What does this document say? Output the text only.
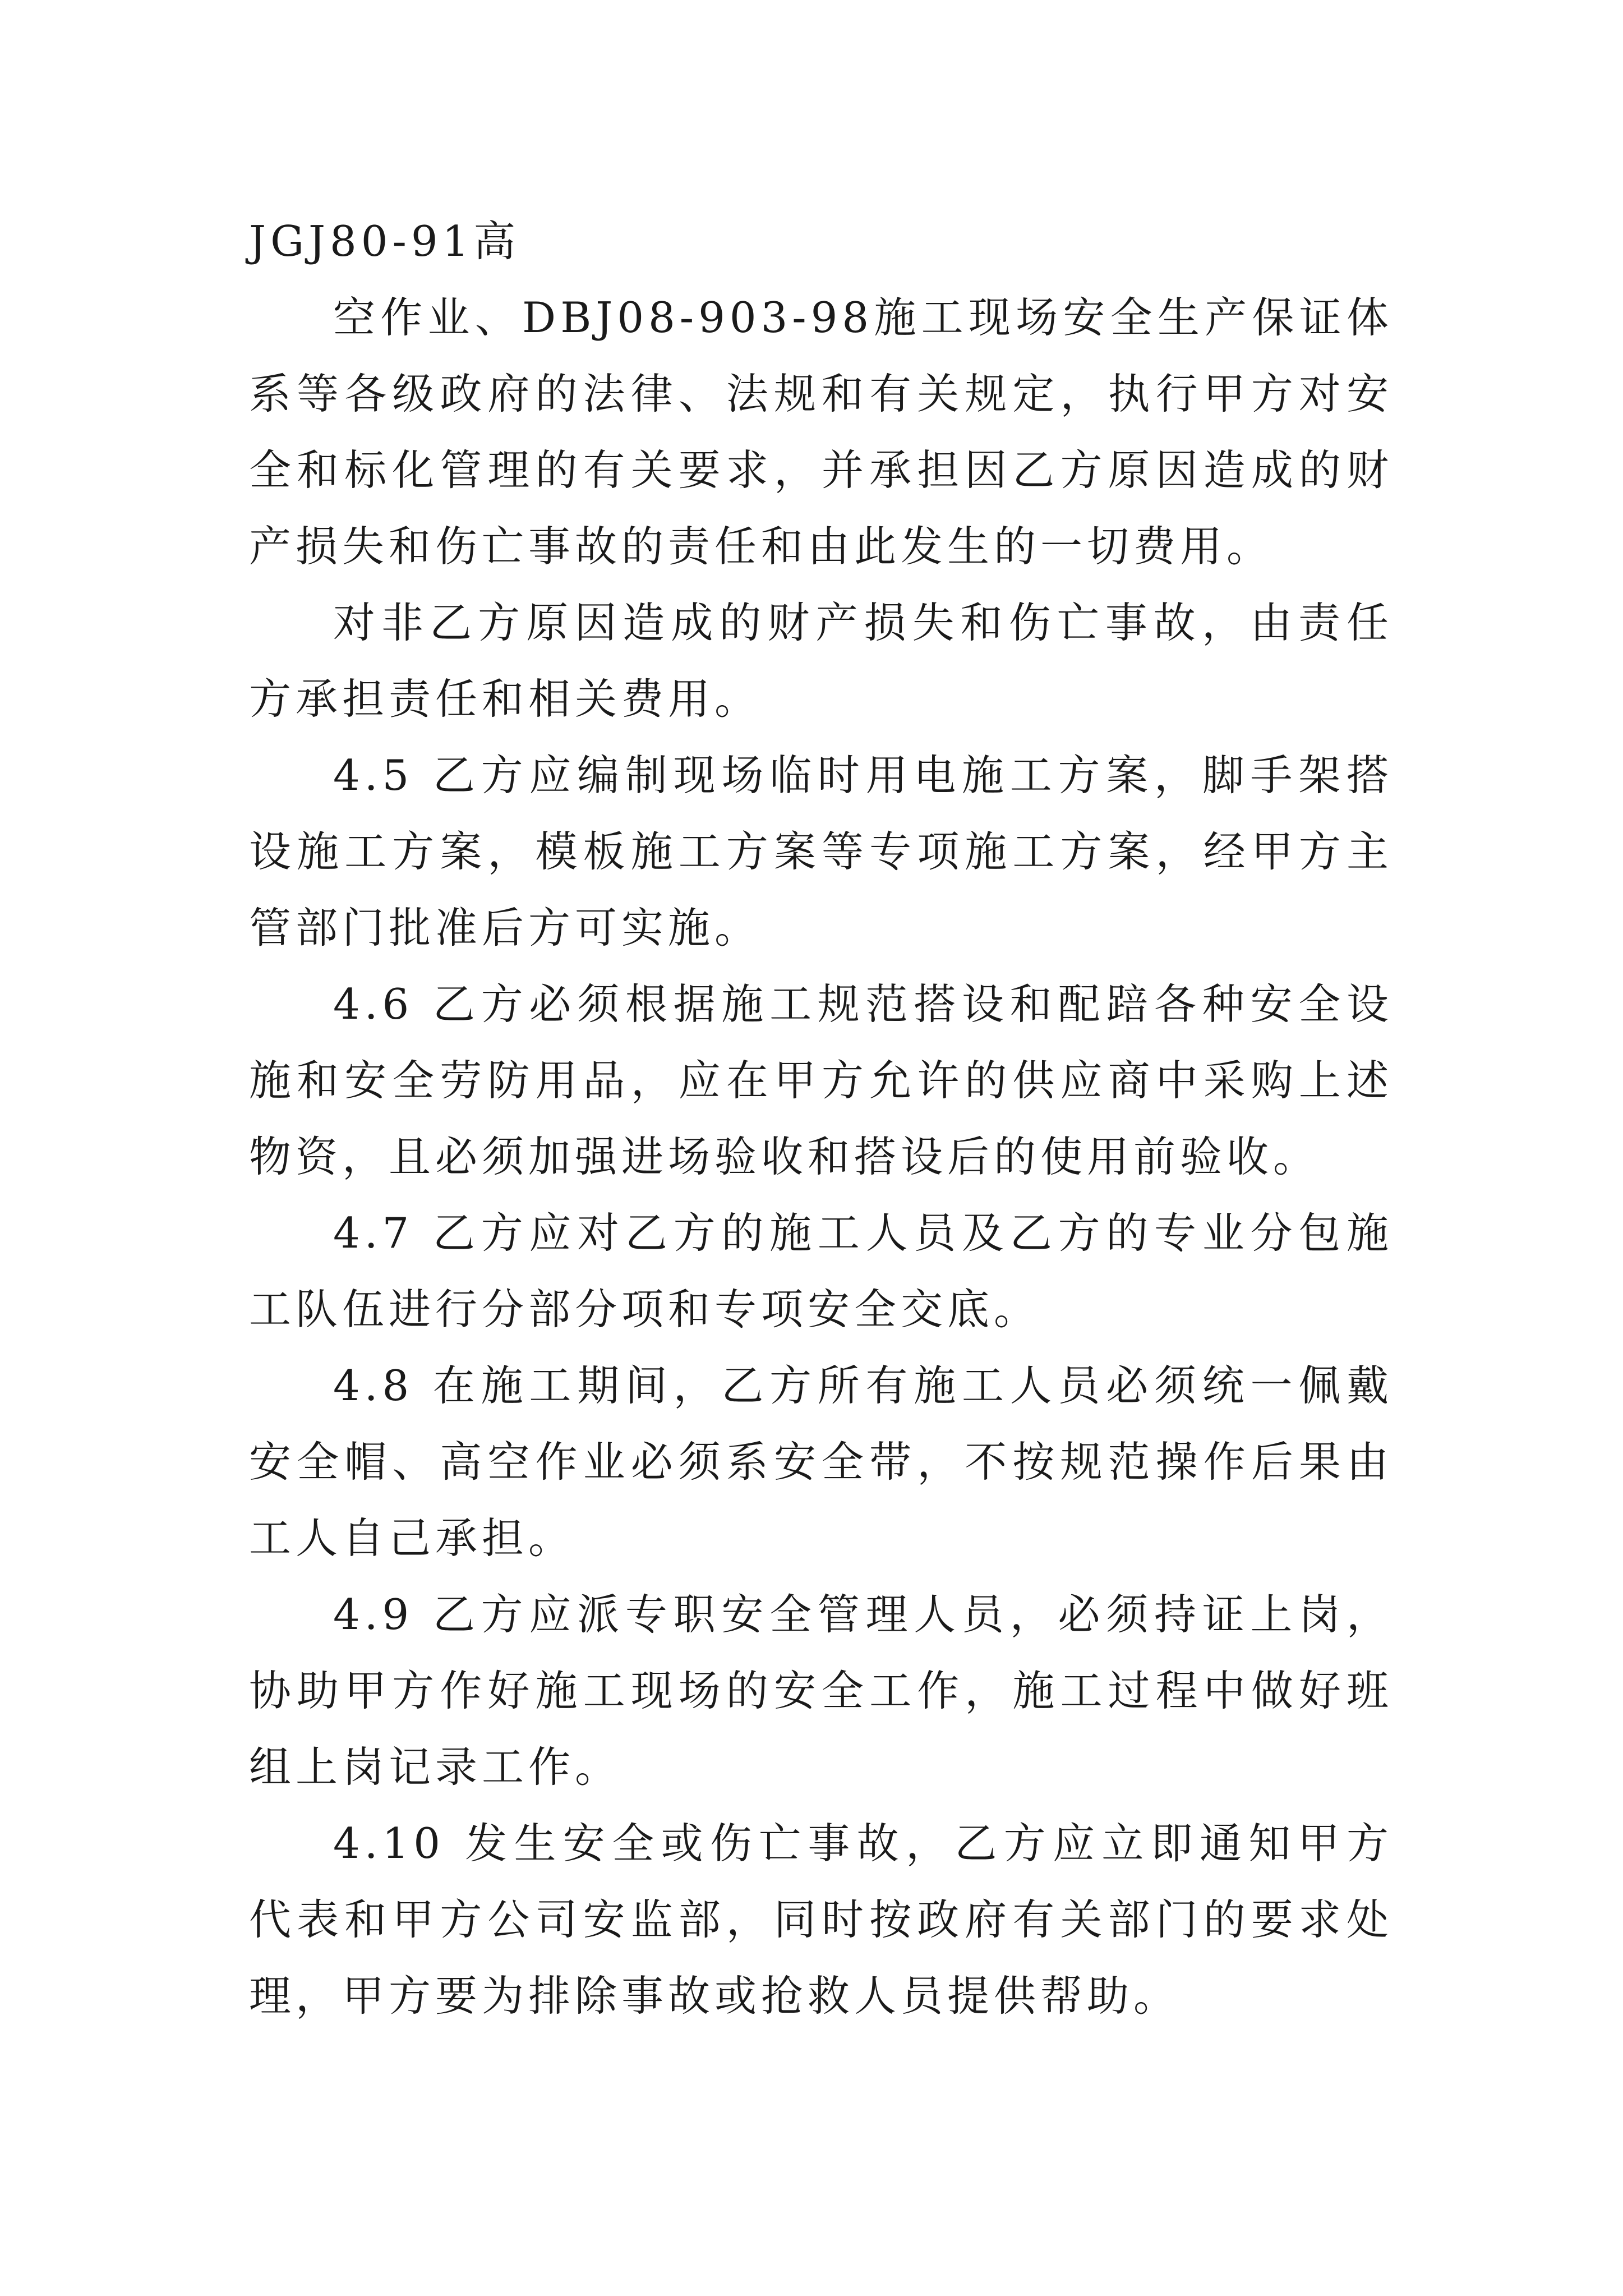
JGJ80-91高

空作业、DBJ08-903-98施工现场安全生产保证体系等各级政府的法律、法规和有关规定，执行甲方对安全和标化管理的有关要求，并承担因乙方原因造成的财产损失和伤亡事故的责任和由此发生的一切费用。

对非乙方原因造成的财产损失和伤亡事故，由责任方承担责任和相关费用。

4.5 乙方应编制现场临时用电施工方案，脚手架搭设施工方案，模板施工方案等专项施工方案，经甲方主管部门批准后方可实施。

4.6 乙方必须根据施工规范搭设和配踣各种安全设施和安全劳防用品，应在甲方允许的供应商中采购上述物资，且必须加强进场验收和搭设后的使用前验收。

4.7 乙方应对乙方的施工人员及乙方的专业分包施工队伍进行分部分项和专项安全交底。

4.8 在施工期间，乙方所有施工人员必须统一佩戴安全帽、高空作业必须系安全带，不按规范操作后果由工人自己承担。

4.9 乙方应派专职安全管理人员，必须持证上岗，协助甲方作好施工现场的安全工作，施工过程中做好班组上岗记录工作。

4.10 发生安全或伤亡事故，乙方应立即通知甲方代表和甲方公司安监部，同时按政府有关部门的要求处理，甲方要为排除事故或抢救人员提供帮助。
